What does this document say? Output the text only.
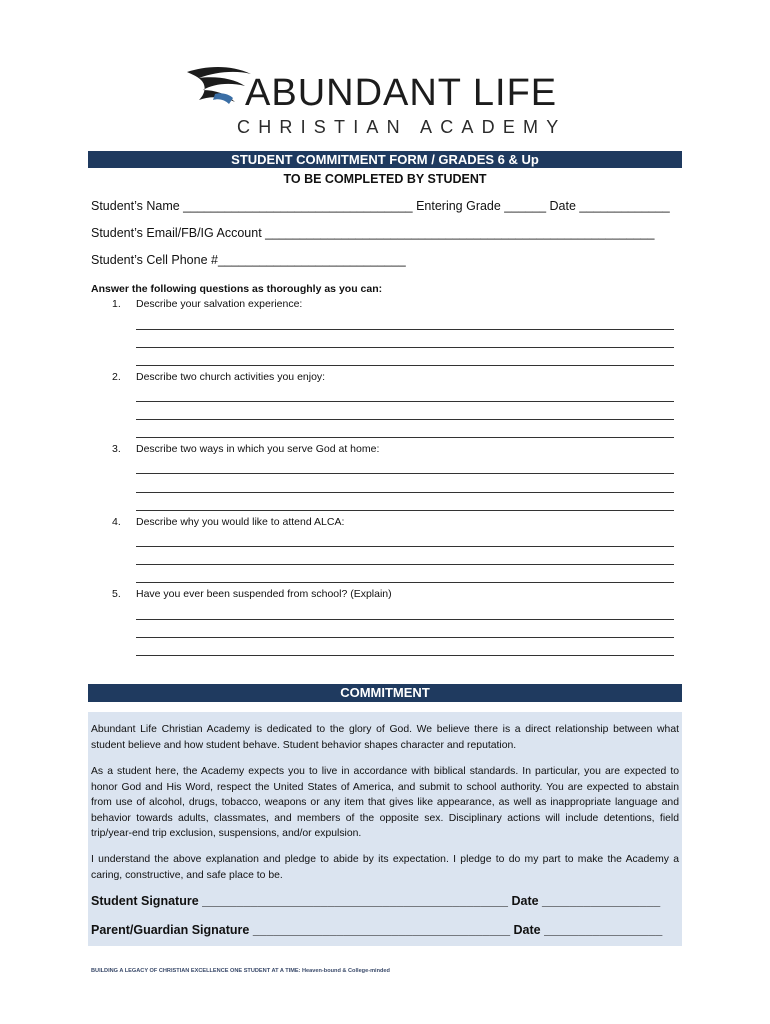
ABUNDANT LIFE
CHRISTIAN ACADEMY
STUDENT COMMITMENT FORM / GRADES 6 & Up
TO BE COMPLETED BY STUDENT
Student’s Name _________________________________ Entering Grade ______ Date _____________
Student’s Email/FB/IG Account ________________________________________________________
Student’s Cell Phone #___________________________
Answer the following questions as thoroughly as you can:
1. Describe your salvation experience:
2. Describe two church activities you enjoy:
3. Describe two ways in which you serve God at home:
4. Describe why you would like to attend ALCA:
5. Have you ever been suspended from school? (Explain)
COMMITMENT
Abundant Life Christian Academy is dedicated to the glory of God. We believe there is a direct relationship between what student believe and how student behave. Student behavior shapes character and reputation.
As a student here, the Academy expects you to live in accordance with biblical standards. In particular, you are expected to honor God and His Word, respect the United States of America, and submit to school authority. You are expected to abstain from use of alcohol, drugs, tobacco, weapons or any item that gives like appearance, as well as inappropriate language and behavior towards adults, classmates, and members of the opposite sex. Disciplinary actions will include detentions, field trip/year-end trip exclusion, suspensions, and/or expulsion.
I understand the above explanation and pledge to abide by its expectation. I pledge to do my part to make the Academy a caring, constructive, and safe place to be.
Student Signature ____________________________________________ Date _________________
Parent/Guardian Signature _____________________________________ Date _________________
BUILDING A LEGACY OF CHRISTIAN EXCELLENCE ONE STUDENT AT A TIME: Heaven-bound & College-minded
